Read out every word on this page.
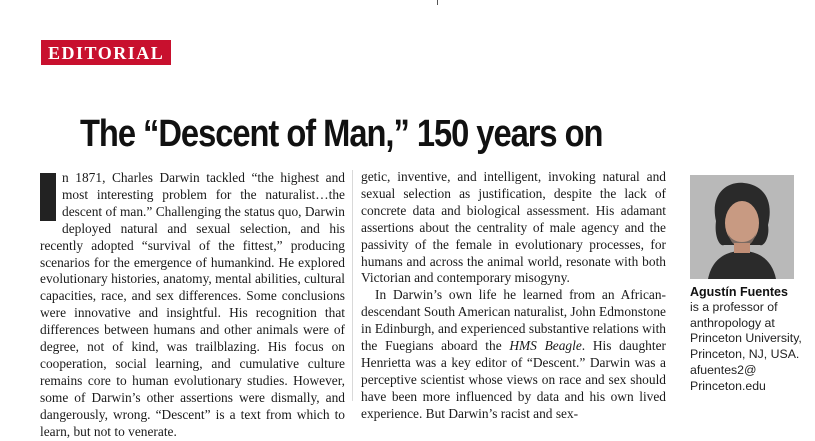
EDITORIAL
The “Descent of Man,” 150 years on

n 1871, Charles Darwin tackled “the highest and most interesting problem for the naturalist…the descent of man.” Challenging the status quo, Darwin deployed natural and sexual selection, and his recently adopted “survival of the fittest,” producing scenarios for the emergence of humankind. He explored evolutionary histories, anatomy, mental abilities, cultural capacities, race, and sex differences. Some conclusions were innovative and insightful. His recognition that differences between humans and other animals were of degree, not of kind, was trailblazing. His focus on cooperation, social learning, and cumulative culture remains core to human evolutionary studies. However, some of Darwin’s other assertions were dismally, and dangerously, wrong. “Descent” is a text from which to learn, but not to venerate.

getic, inventive, and intelligent, invoking natural and sexual selection as justification, despite the lack of concrete data and biological assessment. His adamant assertions about the centrality of male agency and the passivity of the female in evolutionary processes, for humans and across the animal world, resonate with both Victorian and contemporary misogyny.

In Darwin’s own life he learned from an African-descendant South American naturalist, John Edmonstone in Edinburgh, and experienced substantive relations with the Fuegians aboard the HMS Beagle. His daughter Henrietta was a key editor of “Descent.” Darwin was a perceptive scientist whose views on race and sex should have been more influenced by data and his own lived experience. But Darwin’s racist and sex-

Agustín Fuentes
is a professor of anthropology at Princeton University, Princeton, NJ, USA. afuentes2@ Princeton.edu
